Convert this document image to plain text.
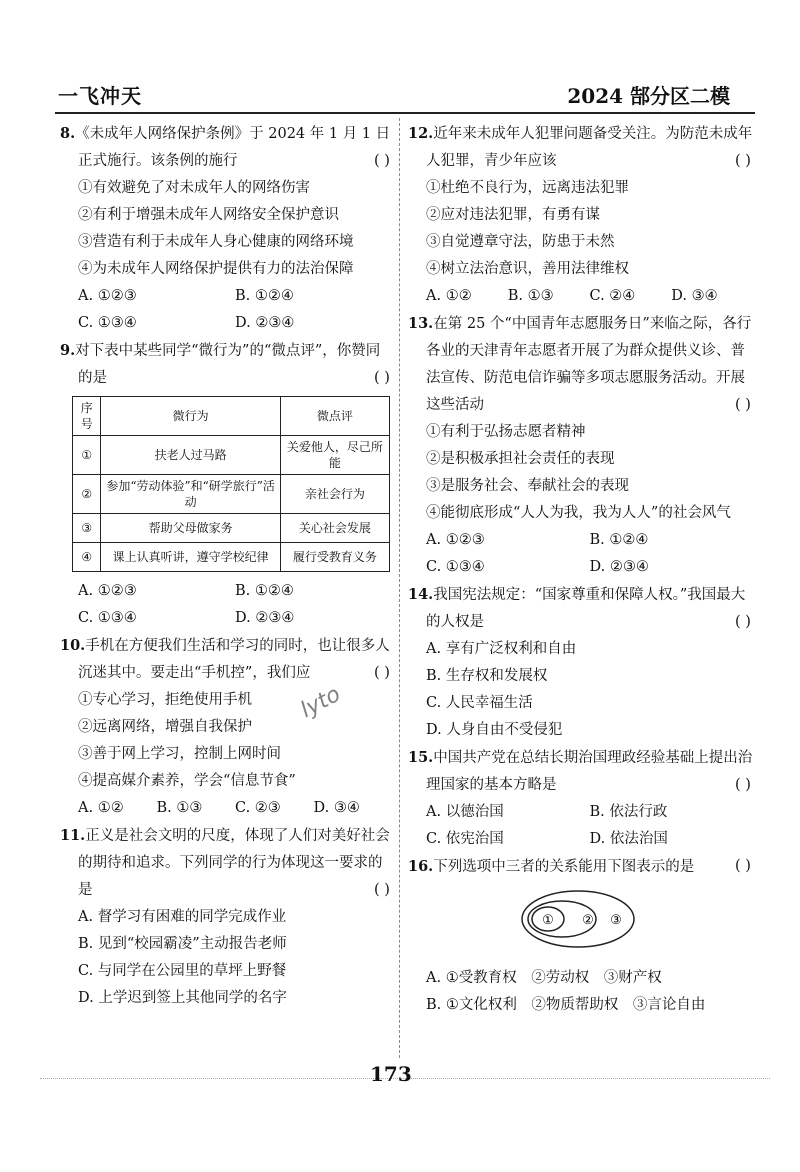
一飞冲天	2024 郜分区二模
8.《未成年人网络保护条例》于 2024 年 1 月 1 日正式施行。该条例的施行	( )
①有效避免了对未成年人的网络伤害
②有利于增强未成年人网络安全保护意识
③营造有利于未成年人身心健康的网络环境
④为未成年人网络保护提供有力的法治保障
A. ①②③	B. ①②④
C. ①③④	D. ②③④
9.对下表中某些同学“微行为”的“微点评”，你赞同的是	( )
序号	微行为	微点评
①	扶老人过马路	关爱他人，尽己所能
②	参加“劳动体验”和“研学旅行”活动	亲社会行为
③	帮助父母做家务	关心社会发展
④	课上认真听讲，遵守学校纪律	履行受教育义务
A. ①②③	B. ①②④
C. ①③④	D. ②③④
10.手机在方便我们生活和学习的同时，也让很多人沉迷其中。要走出“手机控”，我们应	( )
①专心学习，拒绝使用手机
②远离网络，增强自我保护
③善于网上学习，控制上网时间
④提高媒介素养，学会“信息节食”
A. ①②	B. ①③	C. ②③	D. ③④
11.正义是社会文明的尺度，体现了人们对美好社会的期待和追求。下列同学的行为体现这一要求的是	( )
A. 督学习有困难的同学完成作业
B. 见到“校园霸凌”主动报告老师
C. 与同学在公园里的草坪上野餐
D. 上学迟到签上其他同学的名字
12.近年来未成年人犯罪问题备受关注。为防范未成年人犯罪，青少年应该	( )
①杜绝不良行为，远离违法犯罪
②应对违法犯罪，有勇有谋
③自觉遵章守法，防患于未然
④树立法治意识，善用法律维权
A. ①②	B. ①③	C. ②④	D. ③④
13.在第 25 个“中国青年志愿服务日”来临之际，各行各业的天津青年志愿者开展了为群众提供义诊、普法宣传、防范电信诈骗等多项志愿服务活动。开展这些活动	( )
①有利于弘扬志愿者精神
②是积极承担社会责任的表现
③是服务社会、奉献社会的表现
④能彻底形成“人人为我，我为人人”的社会风气
A. ①②③	B. ①②④
C. ①③④	D. ②③④
14.我国宪法规定：“国家尊重和保障人权。”我国最大的人权是	( )
A. 享有广泛权利和自由
B. 生存权和发展权
C. 人民幸福生活
D. 人身自由不受侵犯
15.中国共产党在总结长期治国理政经验基础上提出治理国家的基本方略是	( )
A. 以德治国	B. 依法行政
C. 依宪治国	D. 依法治国
16.下列选项中三者的关系能用下图表示的是	( )
① ② ③
A. ①受教育权　②劳动权　③财产权
B. ①文化权利　②物质帮助权　③言论自由
lyto
173
